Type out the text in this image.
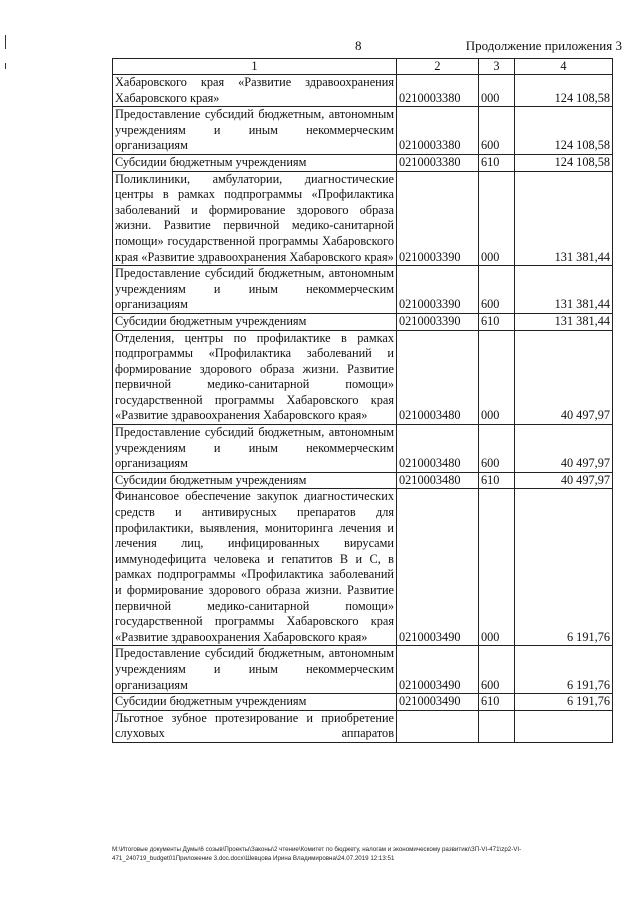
8	Продолжение приложения 3
1	2	3	4
Хабаровского края «Развитие здравоохранения Хабаровского края»	0210003380	000	124 108,58
Предоставление субсидий бюджетным, автономным учреждениям и иным некоммерческим организациям	0210003380	600	124 108,58
Субсидии бюджетным учреждениям	0210003380	610	124 108,58
Поликлиники, амбулатории, диагностические центры в рамках подпрограммы «Профилактика заболеваний и формирование здорового образа жизни. Развитие первичной медико-санитарной помощи» государственной программы Хабаровского края «Развитие здравоохранения Хабаровского края»	0210003390	000	131 381,44
Предоставление субсидий бюджетным, автономным учреждениям и иным некоммерческим организациям	0210003390	600	131 381,44
Субсидии бюджетным учреждениям	0210003390	610	131 381,44
Отделения, центры по профилактике в рамках подпрограммы «Профилактика заболеваний и формирование здорового образа жизни. Развитие первичной медико-санитарной помощи» государственной программы Хабаровского края «Развитие здравоохранения Хабаровского края»	0210003480	000	40 497,97
Предоставление субсидий бюджетным, автономным учреждениям и иным некоммерческим организациям	0210003480	600	40 497,97
Субсидии бюджетным учреждениям	0210003480	610	40 497,97
Финансовое обеспечение закупок диагностических средств и антивирусных препаратов для профилактики, выявления, мониторинга лечения и лечения лиц, инфицированных вирусами иммунодефицита человека и гепатитов В и С, в рамках подпрограммы «Профилактика заболеваний и формирование здорового образа жизни. Развитие первичной медико-санитарной помощи» государственной программы Хабаровского края «Развитие здравоохранения Хабаровского края»	0210003490	000	6 191,76
Предоставление субсидий бюджетным, автономным учреждениям и иным некоммерческим организациям	0210003490	600	6 191,76
Субсидии бюджетным учреждениям	0210003490	610	6 191,76
Льготное зубное протезирование и приобретение слуховых аппаратов			
M:\Итоговые документы Думы\6 созыв\Проекты\Законы\2 чтение\Комитет по бюджету, налогам и экономическому развитию\ЗП-VI-471\zp2-VI-471_240719_budget01Приложение 3.doc.docx\Шевцова Ирина Владимировна\24.07.2019 12:13:51
